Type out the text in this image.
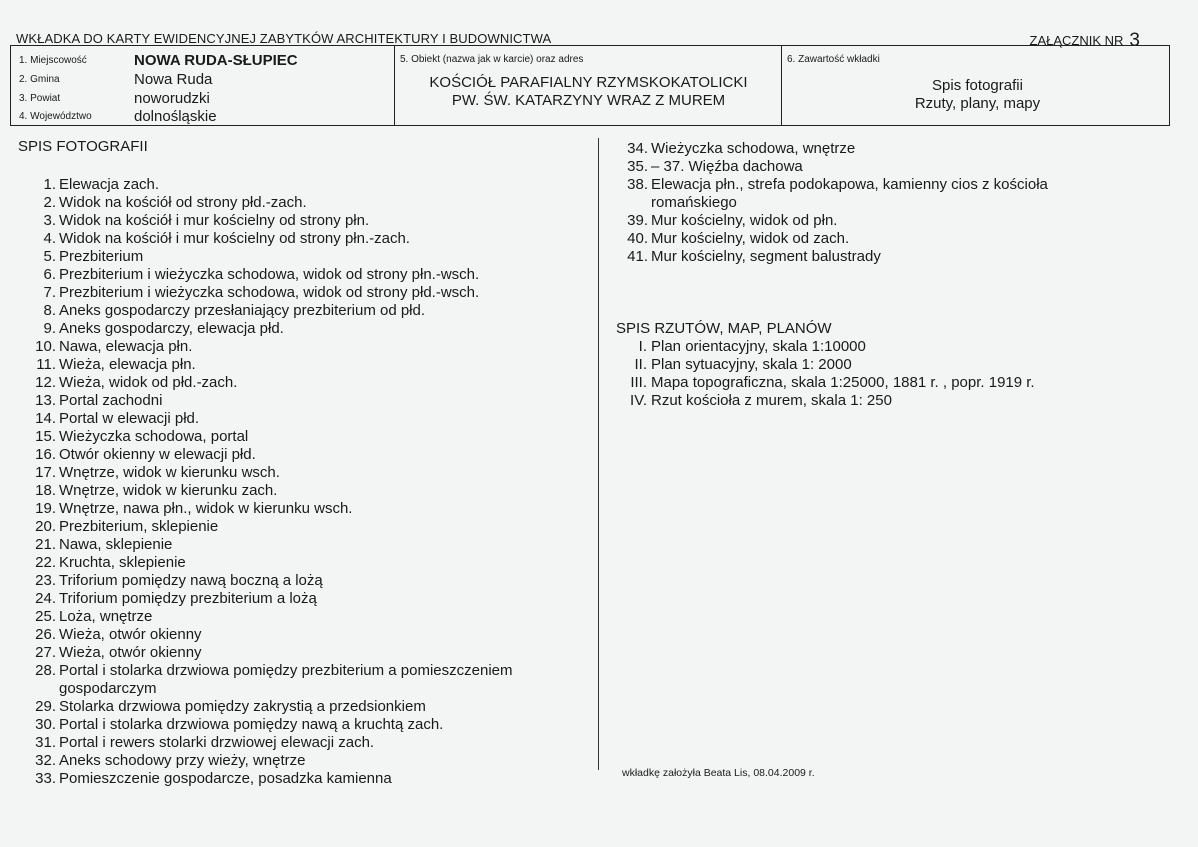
WKŁADKA DO KARTY EWIDENCYJNEJ ZABYTKÓW ARCHITEKTURY I BUDOWNICTWA	ZAŁĄCZNIK NR 3
1. Miejscowość	NOWA RUDA-SŁUPIEC
2. Gmina	Nowa Ruda
3. Powiat	noworudzki
4. Województwo	dolnośląskie
5. Obiekt (nazwa jak w karcie) oraz adres
KOŚCIÓŁ PARAFIALNY RZYMSKOKATOLICKI
PW. ŚW. KATARZYNY WRAZ Z MUREM
6. Zawartość wkładki
Spis fotografii
Rzuty, plany, mapy
SPIS FOTOGRAFII
1. Elewacja zach.
2. Widok na kościół od strony płd.-zach.
3. Widok na kościół i mur kościelny od strony płn.
4. Widok na kościół i mur kościelny od strony płn.-zach.
5. Prezbiterium
6. Prezbiterium i wieżyczka schodowa, widok od strony płn.-wsch.
7. Prezbiterium i wieżyczka schodowa, widok od strony płd.-wsch.
8. Aneks gospodarczy przesłaniający prezbiterium od płd.
9. Aneks gospodarczy, elewacja płd.
10. Nawa, elewacja płn.
11. Wieża, elewacja płn.
12. Wieża, widok od płd.-zach.
13. Portal zachodni
14. Portal w elewacji płd.
15. Wieżyczka schodowa, portal
16. Otwór okienny w elewacji płd.
17. Wnętrze, widok w kierunku wsch.
18. Wnętrze, widok w kierunku zach.
19. Wnętrze, nawa płn., widok w kierunku wsch.
20. Prezbiterium, sklepienie
21. Nawa, sklepienie
22. Kruchta, sklepienie
23. Triforium pomiędzy nawą boczną a lożą
24. Triforium pomiędzy prezbiterium a lożą
25. Loża, wnętrze
26. Wieża, otwór okienny
27. Wieża, otwór okienny
28. Portal i stolarka drzwiowa pomiędzy prezbiterium a pomieszczeniem gospodarczym
29. Stolarka drzwiowa pomiędzy zakrystią a przedsionkiem
30. Portal i stolarka drzwiowa pomiędzy nawą a kruchtą zach.
31. Portal i rewers stolarki drzwiowej elewacji zach.
32. Aneks schodowy przy wieży, wnętrze
33. Pomieszczenie gospodarcze, posadzka kamienna
34. Wieżyczka schodowa, wnętrze
35. – 37. Więźba dachowa
38. Elewacja płn., strefa podokapowa, kamienny cios z kościoła romańskiego
39. Mur kościelny, widok od płn.
40. Mur kościelny, widok od zach.
41. Mur kościelny, segment balustrady
SPIS RZUTÓW, MAP, PLANÓW
I. Plan orientacyjny, skala 1:10000
II. Plan sytuacyjny, skala 1: 2000
III. Mapa topograficzna, skala 1:25000, 1881 r. , popr. 1919 r.
IV. Rzut kościoła z murem, skala 1: 250
wkładkę założyła Beata Lis, 08.04.2009 r.
